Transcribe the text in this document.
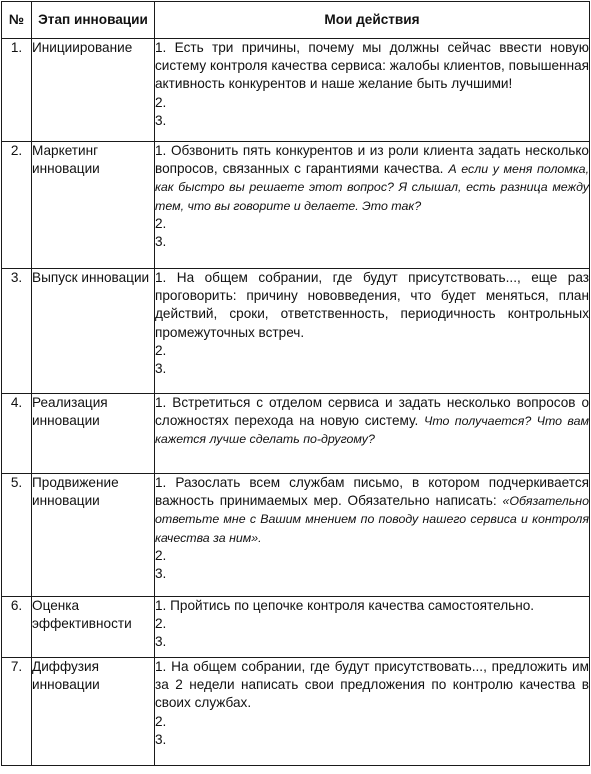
№	Этап инновации	Мои действия
1.	Инициирование	1. Есть три причины, почему мы должны сейчас ввести новую систему контроля качества сервиса: жалобы клиентов, повышенная активность конкурентов и наше желание быть лучшими!
2.
3.

2.	Маркетинг инновации	1. Обзвонить пять конкурентов и из роли клиента задать несколько вопросов, связанных с гарантиями качества. А если у меня поломка, как быстро вы решаете этот вопрос? Я слышал, есть разница между тем, что вы говорите и делаете. Это так?
2.
3.

3.	Выпуск инновации	1. На общем собрании, где будут присутствовать..., еще раз проговорить: причину нововведения, что будет меняться, план действий, сроки, ответственность, периодичность контрольных промежуточных встреч.
2.
3.

4.	Реализация инновации	1. Встретиться с отделом сервиса и задать несколько вопросов о сложностях перехода на новую систему. Что получается? Что вам кажется лучше сделать по-другому?

5.	Продвижение инновации	1. Разослать всем службам письмо, в котором подчеркивается важность принимаемых мер. Обязательно написать: «Обязательно ответьте мне с Вашим мнением по поводу нашего сервиса и контроля качества за ним».
2.
3.

6.	Оценка эффективности	1. Пройтись по цепочке контроля качества самостоятельно.
2.
3.

7.	Диффузия инновации	1. На общем собрании, где будут присутствовать..., предложить им за 2 недели написать свои предложения по контролю качества в своих службах.
2.
3.
